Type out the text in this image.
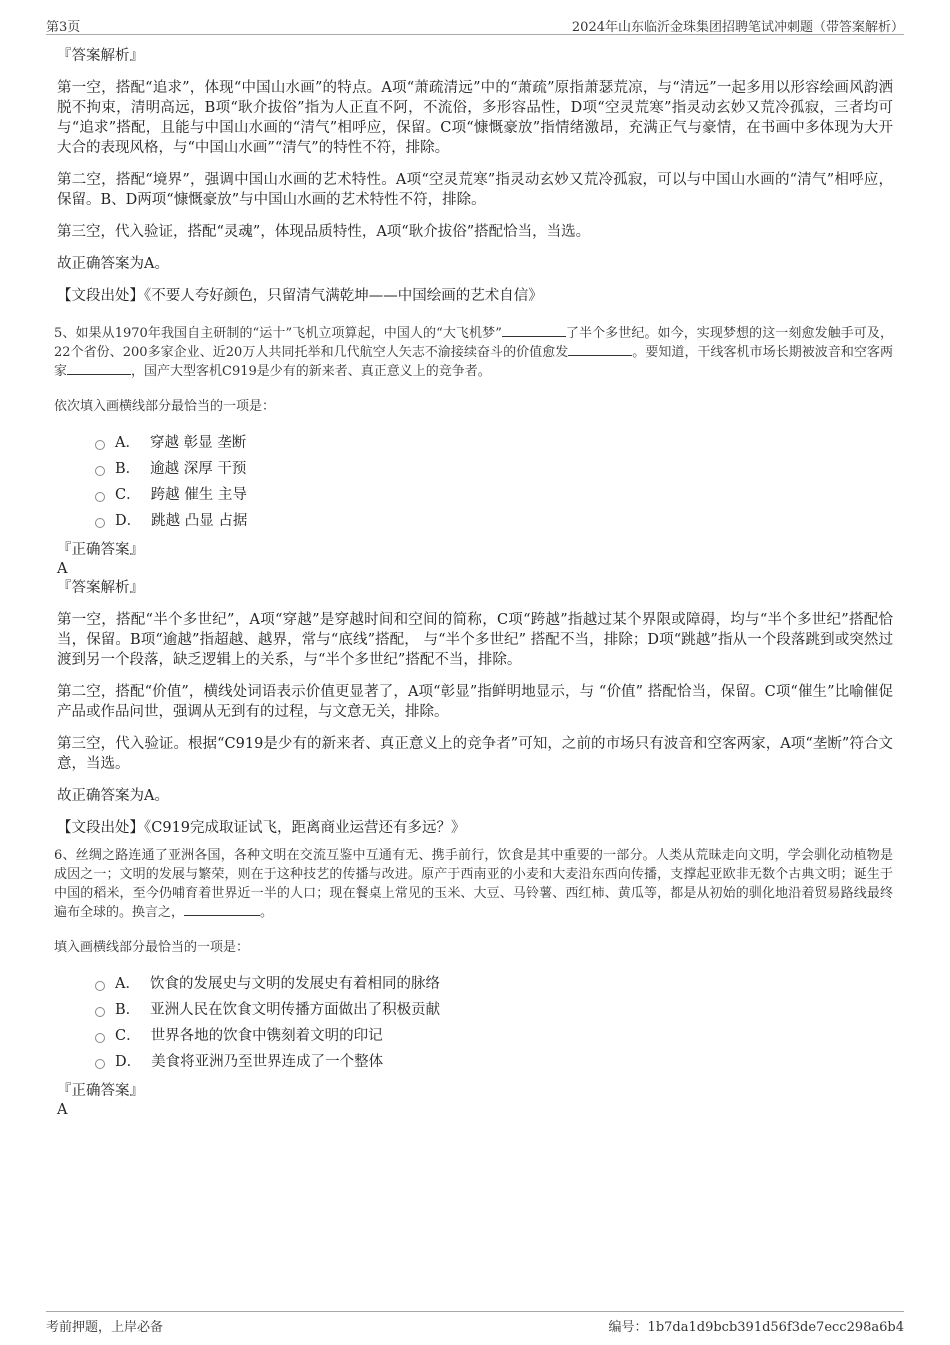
第3页	2024年山东临沂金珠集团招聘笔试冲刺题（带答案解析）
『答案解析』

第一空，搭配“追求”，体现“中国山水画”的特点。A项“萧疏清远”中的“萧疏”原指萧瑟荒凉，与“清远”一起多用以形容绘画风韵洒脱不拘束，清明高远，B项“耿介拔俗”指为人正直不阿，不流俗，多形容品性，D项“空灵荒寒”指灵动玄妙又荒冷孤寂，三者均可与“追求”搭配，且能与中国山水画的“清气”相呼应，保留。C项“慷慨豪放”指情绪激昂，充满正气与豪情，在书画中多体现为大开大合的表现风格，与“中国山水画”“清气”的特性不符，排除。

第二空，搭配“境界”，强调中国山水画的艺术特性。A项“空灵荒寒”指灵动玄妙又荒冷孤寂，可以与中国山水画的“清气”相呼应，保留。B、D两项“慷慨豪放”与中国山水画的艺术特性不符，排除。

第三空，代入验证，搭配“灵魂”，体现品质特性，A项“耿介拔俗”搭配恰当，当选。

故正确答案为A。

【文段出处】《不要人夸好颜色，只留清气满乾坤——中国绘画的艺术自信》

5、如果从1970年我国自主研制的“运十”飞机立项算起，中国人的“大飞机梦”	了半个多世纪。如今，实现梦想的这一刻愈发触手可及，22个省份、200多家企业、近20万人共同托举和几代航空人矢志不渝接续奋斗的价值愈发	。要知道，干线客机市场长期被波音和空客两家	，国产大型客机C919是少有的新来者、真正意义上的竞争者。
依次填入画横线部分最恰当的一项是：
A． 穿越 彰显 垄断
B． 逾越 深厚 干预
C． 跨越 催生 主导
D． 跳越 凸显 占据
『正确答案』
A
『答案解析』

第一空，搭配“半个多世纪”，A项“穿越”是穿越时间和空间的简称，C项“跨越”指越过某个界限或障碍，均与“半个多世纪”搭配恰当，保留。B项“逾越”指超越、越界，常与“底线”搭配， 与“半个多世纪” 搭配不当，排除；D项“跳越”指从一个段落跳到或突然过渡到另一个段落，缺乏逻辑上的关系，与“半个多世纪”搭配不当，排除。

第二空，搭配“价值”，横线处词语表示价值更显著了，A项“彰显”指鲜明地显示，与 “价值” 搭配恰当，保留。C项“催生”比喻催促产品或作品问世，强调从无到有的过程，与文意无关，排除。

第三空，代入验证。根据“C919是少有的新来者、真正意义上的竞争者”可知，之前的市场只有波音和空客两家，A项“垄断”符合文意，当选。

故正确答案为A。

【文段出处】《C919完成取证试飞，距离商业运营还有多远？》

6、丝绸之路连通了亚洲各国，各种文明在交流互鉴中互通有无、携手前行，饮食是其中重要的一部分。人类从荒昧走向文明，学会驯化动植物是成因之一；文明的发展与繁荣，则在于这种技艺的传播与改进。原产于西南亚的小麦和大麦沿东西向传播，支撑起亚欧非无数个古典文明；诞生于中国的稻米，至今仍哺育着世界近一半的人口；现在餐桌上常见的玉米、大豆、马铃薯、西红柿、黄瓜等，都是从初始的驯化地沿着贸易路线最终遍布全球的。换言之，	。
填入画横线部分最恰当的一项是：
A． 饮食的发展史与文明的发展史有着相同的脉络
B． 亚洲人民在饮食文明传播方面做出了积极贡献
C． 世界各地的饮食中镌刻着文明的印记
D． 美食将亚洲乃至世界连成了一个整体
『正确答案』
A
考前押题，上岸必备	编号：1b7da1d9bcb391d56f3de7ecc298a6b4
